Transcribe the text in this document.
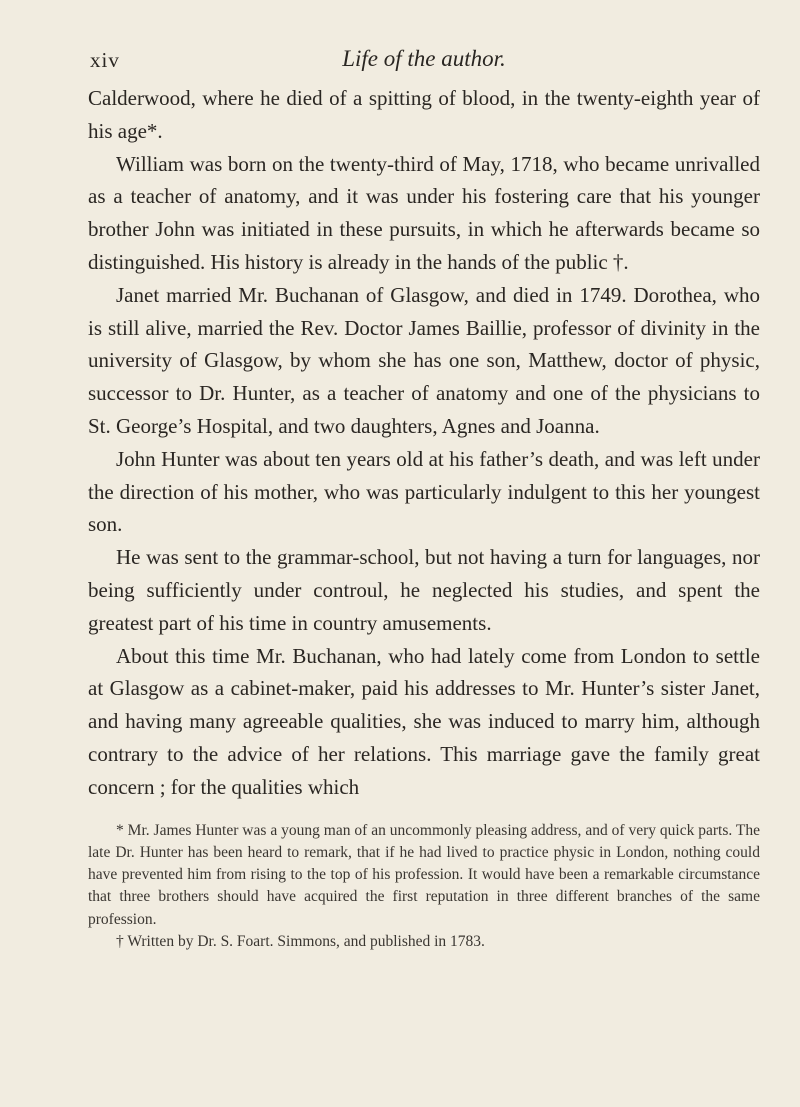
xiv	Life of the author.

Calderwood, where he died of a spitting of blood, in the twenty-eighth year of his age*.

William was born on the twenty-third of May, 1718, who became unrivalled as a teacher of anatomy, and it was under his fostering care that his younger brother John was initiated in these pursuits, in which he afterwards became so distinguished. His history is already in the hands of the public †.

Janet married Mr. Buchanan of Glasgow, and died in 1749. Dorothea, who is still alive, married the Rev. Doctor James Baillie, professor of divinity in the university of Glasgow, by whom she has one son, Matthew, doctor of physic, successor to Dr. Hunter, as a teacher of anatomy and one of the physicians to St. George’s Hospital, and two daughters, Agnes and Joanna.

John Hunter was about ten years old at his father’s death, and was left under the direction of his mother, who was particularly indulgent to this her youngest son.

He was sent to the grammar-school, but not having a turn for languages, nor being sufficiently under controul, he neglected his studies, and spent the greatest part of his time in country amusements.

About this time Mr. Buchanan, who had lately come from London to settle at Glasgow as a cabinet-maker, paid his addresses to Mr. Hunter’s sister Janet, and having many agreeable qualities, she was induced to marry him, although contrary to the advice of her relations. This marriage gave the family great concern ; for the qualities which

* Mr. James Hunter was a young man of an uncommonly pleasing address, and of very quick parts. The late Dr. Hunter has been heard to remark, that if he had lived to practice physic in London, nothing could have prevented him from rising to the top of his profession. It would have been a remarkable circumstance that three brothers should have acquired the first reputation in three different branches of the same profession.

† Written by Dr. S. Foart. Simmons, and published in 1783.
